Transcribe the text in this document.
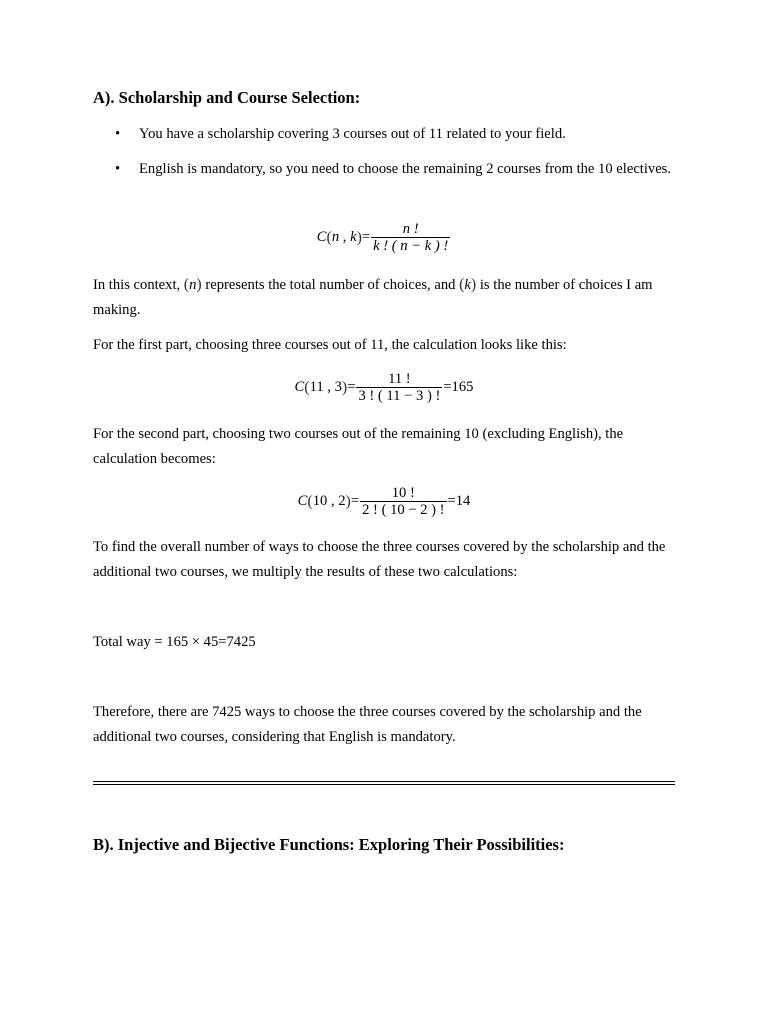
A). Scholarship and Course Selection:
• You have a scholarship covering 3 courses out of 11 related to your field.
• English is mandatory, so you need to choose the remaining 2 courses from the 10 electives.
C ( n , k ) = $\frac{n !}{k ! ( n - k ) !}$
In this context, (n) represents the total number of choices, and (k) is the number of choices I am making.
For the first part, choosing three courses out of 11, the calculation looks like this:
C ( 11 , 3 ) = $\frac{11 !}{3 ! ( 11 - 3 ) !} =165$
For the second part, choosing two courses out of the remaining 10 (excluding English), the calculation becomes:
C ( 10 , 2 ) = $\frac{10 !}{2 ! ( 10 - 2 ) !} =14$
To find the overall number of ways to choose the three courses covered by the scholarship and the additional two courses, we multiply the results of these two calculations:
Total way = 165 × 45=7425
Therefore, there are 7425 ways to choose the three courses covered by the scholarship and the additional two courses, considering that English is mandatory.
B). Injective and Bijective Functions: Exploring Their Possibilities:
